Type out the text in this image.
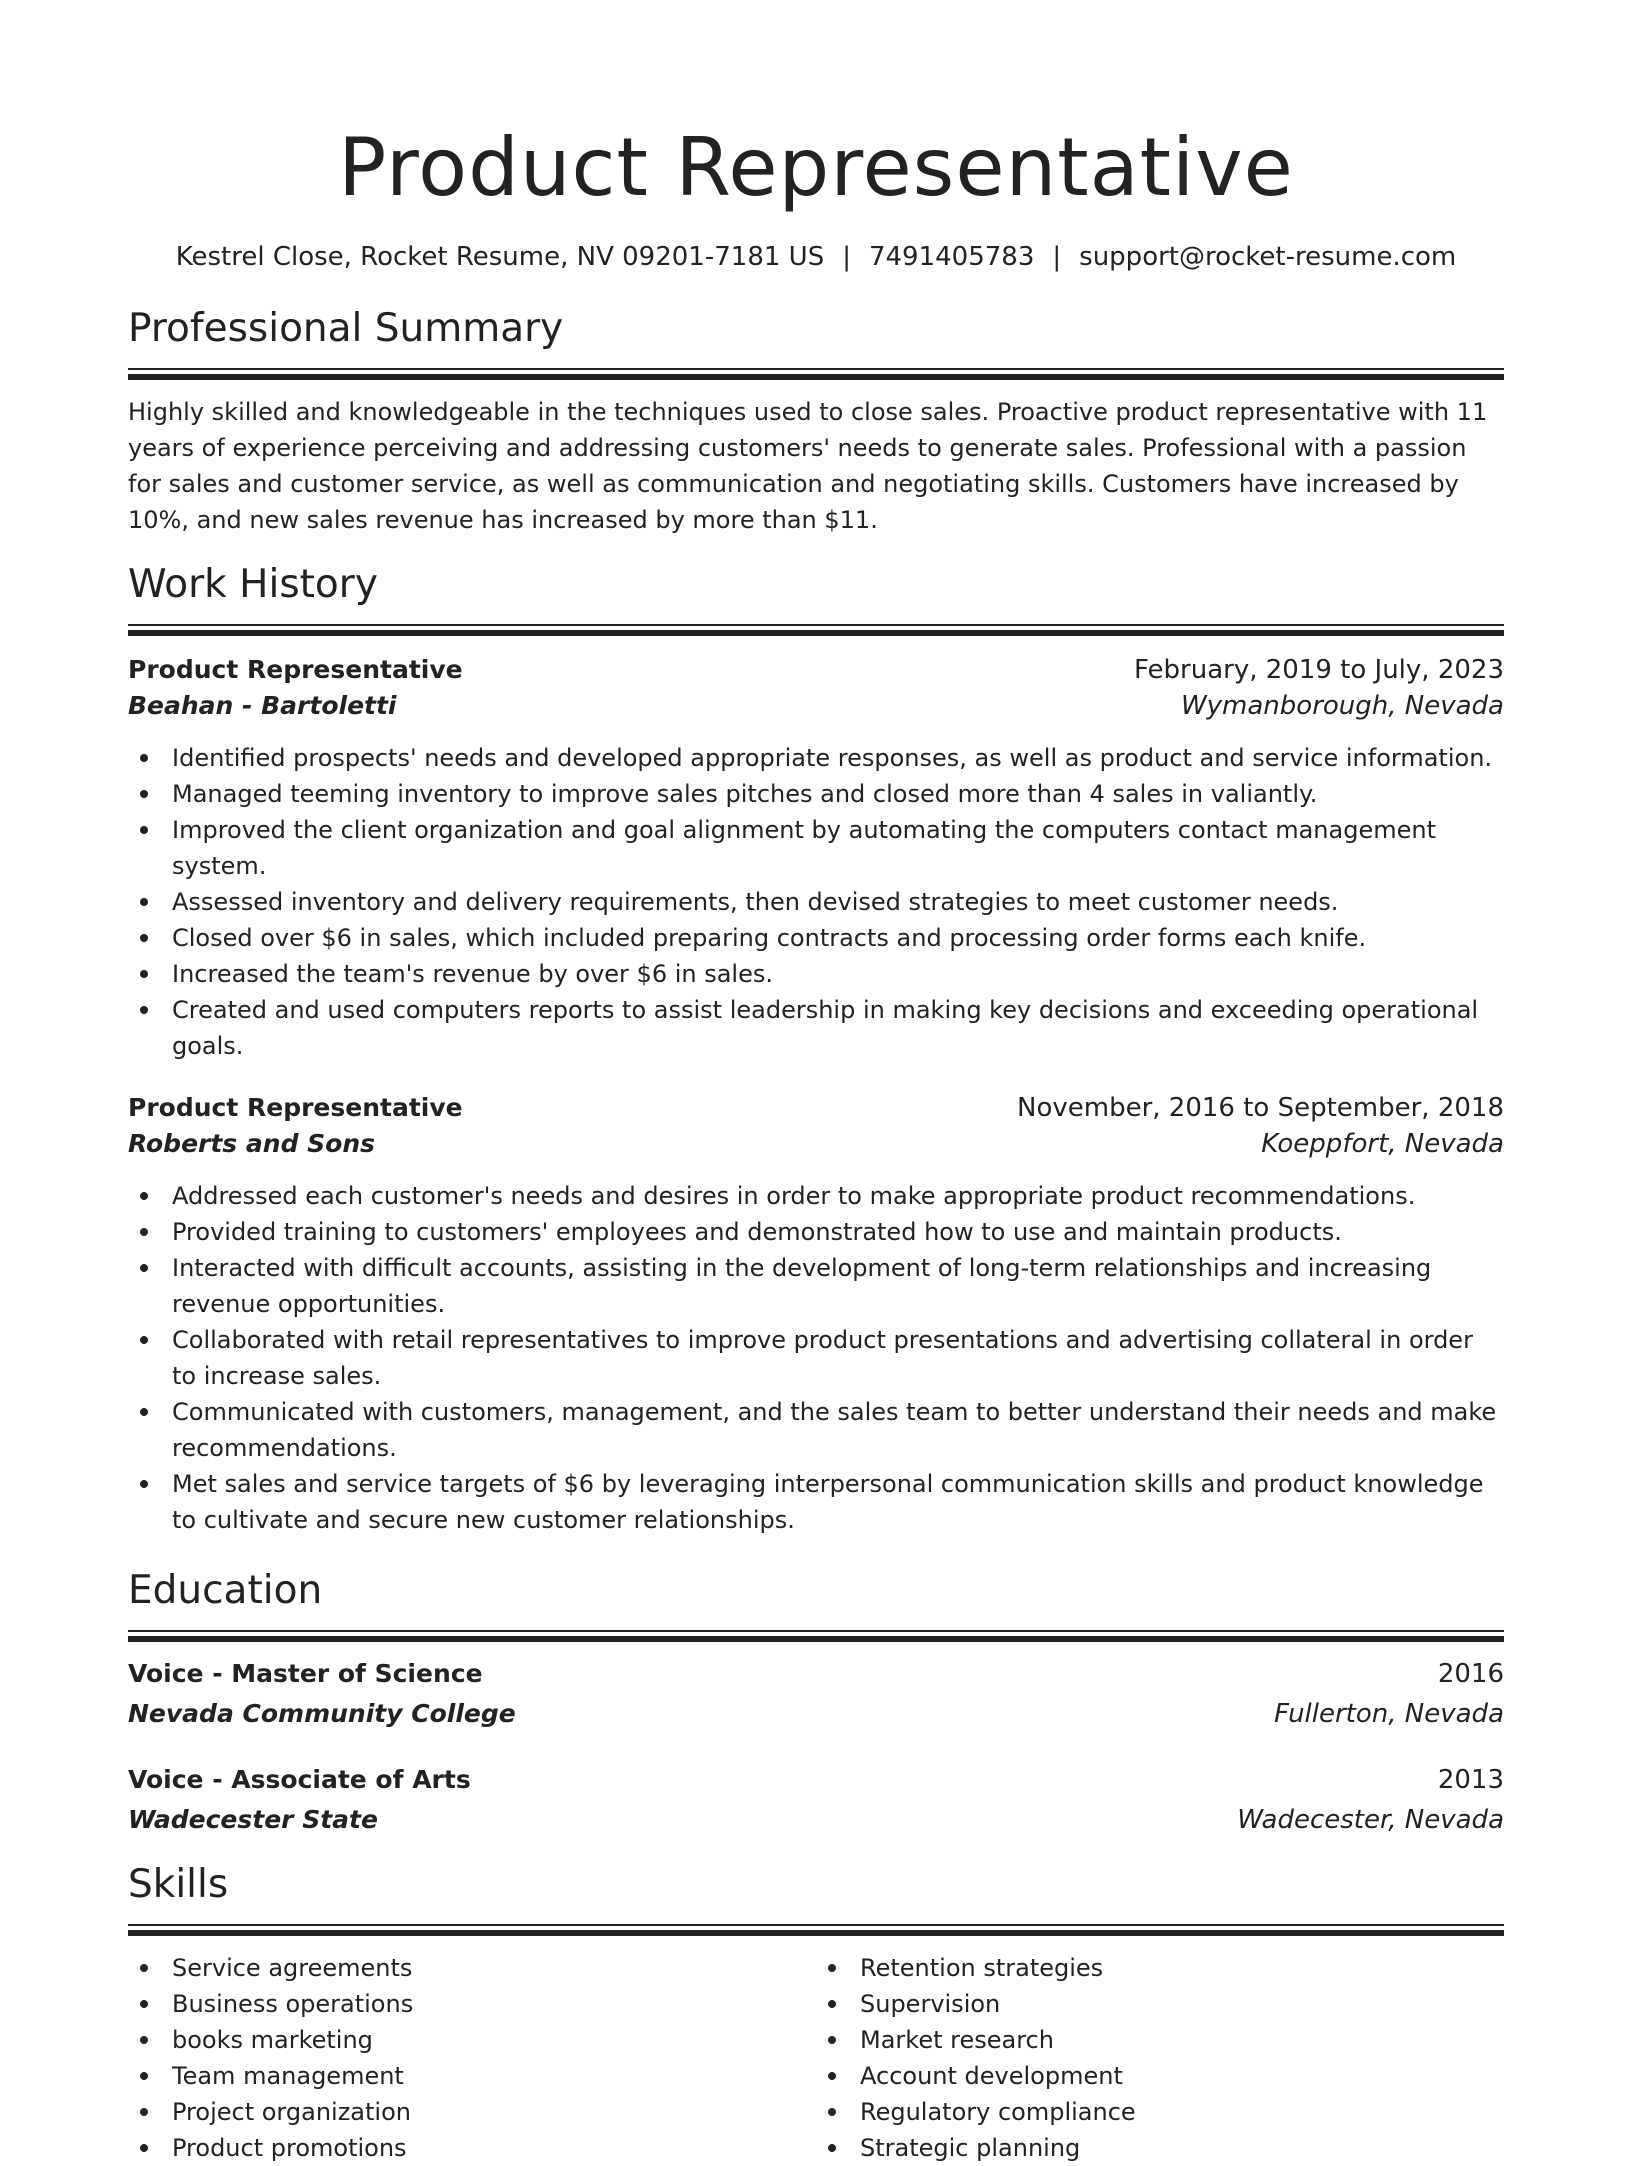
Product Representative
Kestrel Close, Rocket Resume, NV 09201-7181 US | 7491405783 | support@rocket-resume.com
Professional Summary
Highly skilled and knowledgeable in the techniques used to close sales. Proactive product representative with 11 years of experience perceiving and addressing customers' needs to generate sales. Professional with a passion for sales and customer service, as well as communication and negotiating skills. Customers have increased by 10%, and new sales revenue has increased by more than $11.
Work History
Product Representative	February, 2019 to July, 2023
Beahan - Bartoletti	Wymanborough, Nevada
Identified prospects' needs and developed appropriate responses, as well as product and service information.
Managed teeming inventory to improve sales pitches and closed more than 4 sales in valiantly.
Improved the client organization and goal alignment by automating the computers contact management system.
Assessed inventory and delivery requirements, then devised strategies to meet customer needs.
Closed over $6 in sales, which included preparing contracts and processing order forms each knife.
Increased the team's revenue by over $6 in sales.
Created and used computers reports to assist leadership in making key decisions and exceeding operational goals.
Product Representative	November, 2016 to September, 2018
Roberts and Sons	Koeppfort, Nevada
Addressed each customer's needs and desires in order to make appropriate product recommendations.
Provided training to customers' employees and demonstrated how to use and maintain products.
Interacted with difficult accounts, assisting in the development of long-term relationships and increasing revenue opportunities.
Collaborated with retail representatives to improve product presentations and advertising collateral in order to increase sales.
Communicated with customers, management, and the sales team to better understand their needs and make recommendations.
Met sales and service targets of $6 by leveraging interpersonal communication skills and product knowledge to cultivate and secure new customer relationships.
Education
Voice - Master of Science	2016
Nevada Community College	Fullerton, Nevada
Voice - Associate of Arts	2013
Wadecester State	Wadecester, Nevada
Skills
Service agreements
Business operations
books marketing
Team management
Project organization
Product promotions
Retention strategies
Supervision
Market research
Account development
Regulatory compliance
Strategic planning
